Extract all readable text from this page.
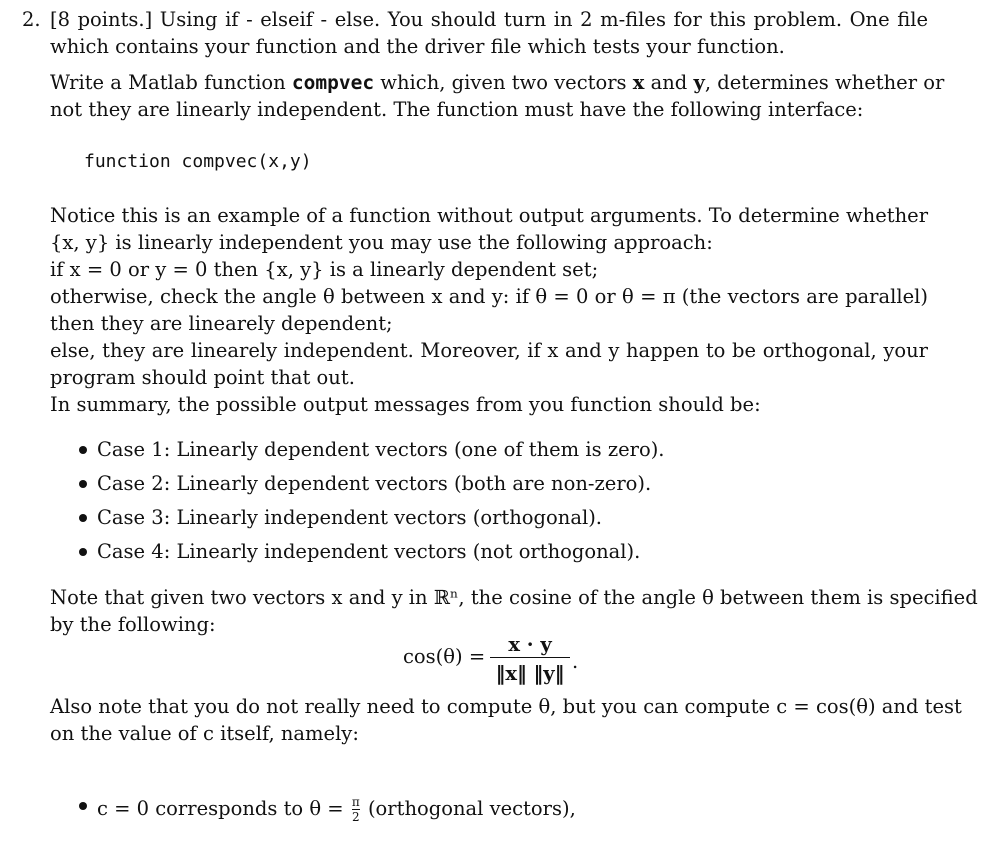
2. [8 points.] Using if - elseif - else. You should turn in 2 m-files for this problem. One file
which contains your function and the driver file which tests your function.
Write a Matlab function compvec which, given two vectors x and y, determines whether or
not they are linearly independent. The function must have the following interface:
function compvec(x,y)
Notice this is an example of a function without output arguments. To determine whether
{x, y} is linearly independent you may use the following approach:
if x = 0 or y = 0 then {x, y} is a linearly dependent set;
otherwise, check the angle θ between x and y: if θ = 0 or θ = π (the vectors are parallel)
then they are linearely dependent;
else, they are linearely independent. Moreover, if x and y happen to be orthogonal, your
program should point that out.
In summary, the possible output messages from you function should be:
Case 1: Linearly dependent vectors (one of them is zero).
Case 2: Linearly dependent vectors (both are non-zero).
Case 3: Linearly independent vectors (orthogonal).
Case 4: Linearly independent vectors (not orthogonal).
Note that given two vectors x and y in ℝⁿ, the cosine of the angle θ between them is specified
by the following:
cos(θ) =
x · y
‖x‖ ‖y‖
.
Also note that you do not really need to compute θ, but you can compute c = cos(θ) and test
on the value of c itself, namely:
c = 0 corresponds to $\theta = \frac{\pi}{2}$ (orthogonal vectors),
